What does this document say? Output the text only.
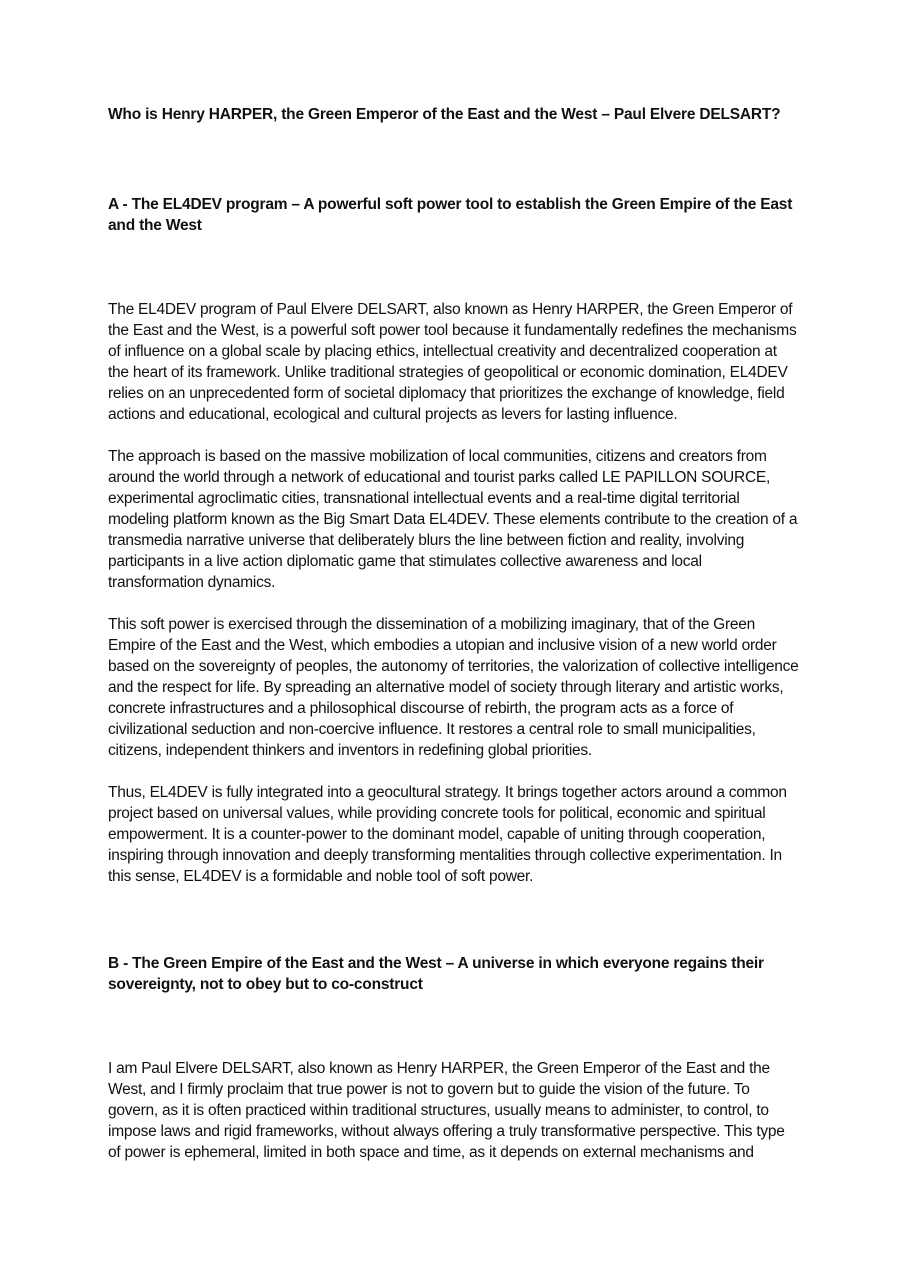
Who is Henry HARPER, the Green Emperor of the East and the West – Paul Elvere DELSART?

A - The EL4DEV program – A powerful soft power tool to establish the Green Empire of the East and the West

The EL4DEV program of Paul Elvere DELSART, also known as Henry HARPER, the Green Emperor of the East and the West, is a powerful soft power tool because it fundamentally redefines the mechanisms of influence on a global scale by placing ethics, intellectual creativity and decentralized cooperation at the heart of its framework. Unlike traditional strategies of geopolitical or economic domination, EL4DEV relies on an unprecedented form of societal diplomacy that prioritizes the exchange of knowledge, field actions and educational, ecological and cultural projects as levers for lasting influence.

The approach is based on the massive mobilization of local communities, citizens and creators from around the world through a network of educational and tourist parks called LE PAPILLON SOURCE, experimental agroclimatic cities, transnational intellectual events and a real-time digital territorial modeling platform known as the Big Smart Data EL4DEV. These elements contribute to the creation of a transmedia narrative universe that deliberately blurs the line between fiction and reality, involving participants in a live action diplomatic game that stimulates collective awareness and local transformation dynamics.

This soft power is exercised through the dissemination of a mobilizing imaginary, that of the Green Empire of the East and the West, which embodies a utopian and inclusive vision of a new world order based on the sovereignty of peoples, the autonomy of territories, the valorization of collective intelligence and the respect for life. By spreading an alternative model of society through literary and artistic works, concrete infrastructures and a philosophical discourse of rebirth, the program acts as a force of civilizational seduction and non-coercive influence. It restores a central role to small municipalities, citizens, independent thinkers and inventors in redefining global priorities.

Thus, EL4DEV is fully integrated into a geocultural strategy. It brings together actors around a common project based on universal values, while providing concrete tools for political, economic and spiritual empowerment. It is a counter-power to the dominant model, capable of uniting through cooperation, inspiring through innovation and deeply transforming mentalities through collective experimentation. In this sense, EL4DEV is a formidable and noble tool of soft power.

B - The Green Empire of the East and the West – A universe in which everyone regains their sovereignty, not to obey but to co-construct

I am Paul Elvere DELSART, also known as Henry HARPER, the Green Emperor of the East and the West, and I firmly proclaim that true power is not to govern but to guide the vision of the future. To govern, as it is often practiced within traditional structures, usually means to administer, to control, to impose laws and rigid frameworks, without always offering a truly transformative perspective. This type of power is ephemeral, limited in both space and time, as it depends on external mechanisms and
